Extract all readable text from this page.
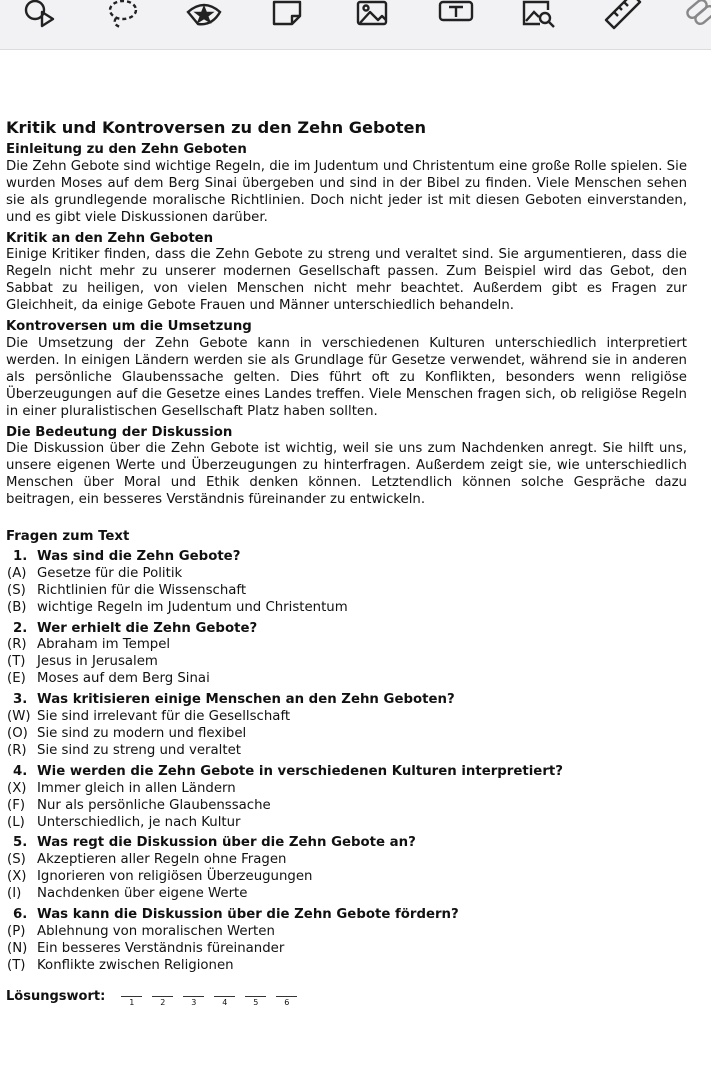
Kritik und Kontroversen zu den Zehn Geboten
Einleitung zu den Zehn Geboten

Die Zehn Gebote sind wichtige Regeln, die im Judentum und Christentum eine große Rolle spielen. Sie wurden Moses auf dem Berg Sinai übergeben und sind in der Bibel zu finden. Viele Menschen sehen sie als grundlegende moralische Richtlinien. Doch nicht jeder ist mit diesen Geboten einverstanden, und es gibt viele Diskussionen darüber.

Kritik an den Zehn Geboten

Einige Kritiker finden, dass die Zehn Gebote zu streng und veraltet sind. Sie argumentieren, dass die Regeln nicht mehr zu unserer modernen Gesellschaft passen. Zum Beispiel wird das Gebot, den Sabbat zu heiligen, von vielen Menschen nicht mehr beachtet. Außerdem gibt es Fragen zur Gleichheit, da einige Gebote Frauen und Männer unterschiedlich behandeln.

Kontroversen um die Umsetzung

Die Umsetzung der Zehn Gebote kann in verschiedenen Kulturen unterschiedlich interpretiert werden. In einigen Ländern werden sie als Grundlage für Gesetze verwendet, während sie in anderen als persönliche Glaubenssache gelten. Dies führt oft zu Konflikten, besonders wenn religiöse Überzeugungen auf die Gesetze eines Landes treffen. Viele Menschen fragen sich, ob religiöse Regeln in einer pluralistischen Gesellschaft Platz haben sollten.

Die Bedeutung der Diskussion

Die Diskussion über die Zehn Gebote ist wichtig, weil sie uns zum Nachdenken anregt. Sie hilft uns, unsere eigenen Werte und Überzeugungen zu hinterfragen. Außerdem zeigt sie, wie unterschiedlich Menschen über Moral und Ethik denken können. Letztendlich können solche Gespräche dazu beitragen, ein besseres Verständnis füreinander zu entwickeln.

Fragen zum Text
1. Was sind die Zehn Gebote?
(A) Gesetze für die Politik
(S) Richtlinien für die Wissenschaft
(B) wichtige Regeln im Judentum und Christentum
2. Wer erhielt die Zehn Gebote?
(R) Abraham im Tempel
(T) Jesus in Jerusalem
(E) Moses auf dem Berg Sinai
3. Was kritisieren einige Menschen an den Zehn Geboten?
(W) Sie sind irrelevant für die Gesellschaft
(O) Sie sind zu modern und flexibel
(R) Sie sind zu streng und veraltet
4. Wie werden die Zehn Gebote in verschiedenen Kulturen interpretiert?
(X) Immer gleich in allen Ländern
(F) Nur als persönliche Glaubenssache
(L) Unterschiedlich, je nach Kultur
5. Was regt die Diskussion über die Zehn Gebote an?
(S) Akzeptieren aller Regeln ohne Fragen
(X) Ignorieren von religiösen Überzeugungen
(I)	Nachdenken über eigene Werte
6. Was kann die Diskussion über die Zehn Gebote fördern?
(P) Ablehnung von moralischen Werten
(N) Ein besseres Verständnis füreinander
(T) Konflikte zwischen Religionen
Lösungswort:	1	2	3	4	5	6
